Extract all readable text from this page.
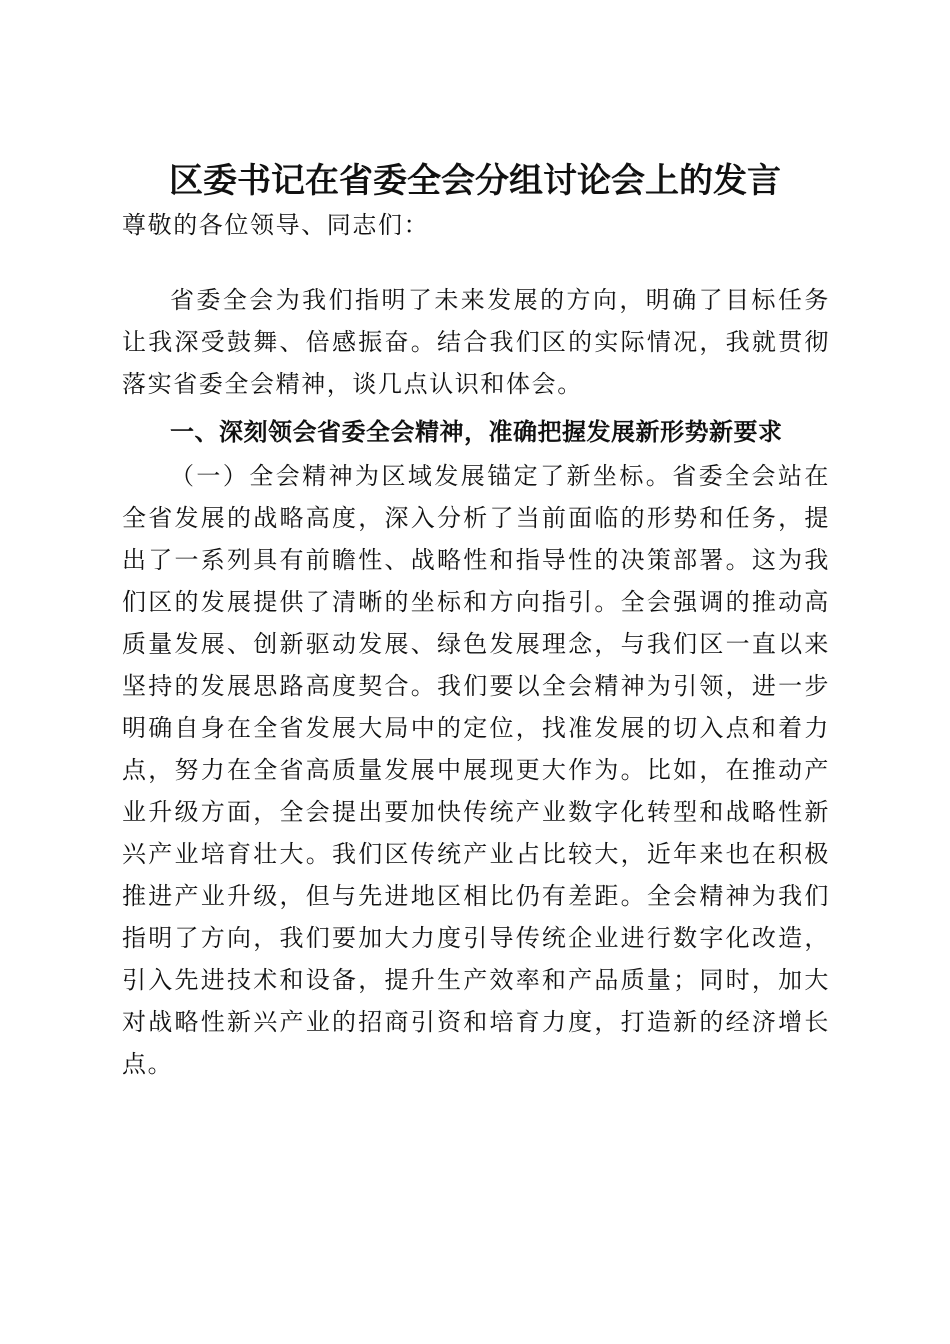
区委书记在省委全会分组讨论会上的发言

尊敬的各位领导、同志们：

省委全会为我们指明了未来发展的方向，明确了目标任务让我深受鼓舞、倍感振奋。结合我们区的实际情况，我就贯彻落实省委全会精神，谈几点认识和体会。

一、深刻领会省委全会精神，准确把握发展新形势新要求

（一）全会精神为区域发展锚定了新坐标。省委全会站在全省发展的战略高度，深入分析了当前面临的形势和任务，提出了一系列具有前瞻性、战略性和指导性的决策部署。这为我们区的发展提供了清晰的坐标和方向指引。全会强调的推动高质量发展、创新驱动发展、绿色发展理念，与我们区一直以来坚持的发展思路高度契合。我们要以全会精神为引领，进一步明确自身在全省发展大局中的定位，找准发展的切入点和着力点，努力在全省高质量发展中展现更大作为。比如，在推动产业升级方面，全会提出要加快传统产业数字化转型和战略性新兴产业培育壮大。我们区传统产业占比较大，近年来也在积极推进产业升级，但与先进地区相比仍有差距。全会精神为我们指明了方向，我们要加大力度引导传统企业进行数字化改造，引入先进技术和设备，提升生产效率和产品质量；同时，加大对战略性新兴产业的招商引资和培育力度，打造新的经济增长点。
